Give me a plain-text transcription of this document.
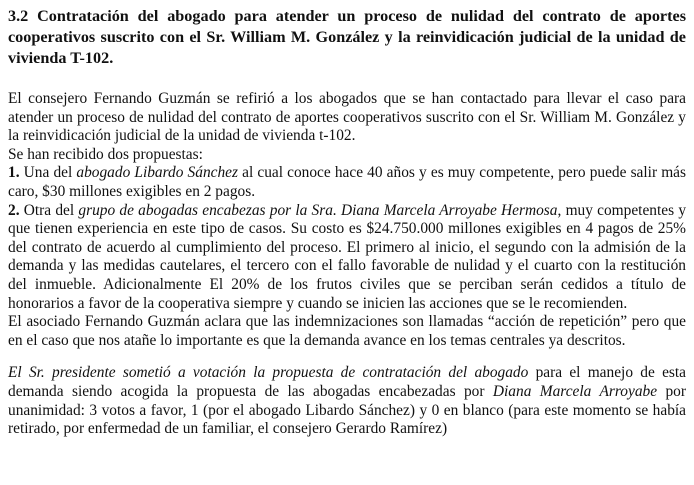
3.2 Contratación del abogado para atender un proceso de nulidad del contrato de aportes cooperativos suscrito con el Sr. William M. González y la reinvidicación judicial de la unidad de vivienda T-102.

El consejero Fernando Guzmán se refirió a los abogados que se han contactado para llevar el caso para atender un proceso de nulidad del contrato de aportes cooperativos suscrito con el Sr. William M. González y la reinvidicación judicial de la unidad de vivienda t-102.

Se han recibido dos propuestas:

1. Una del abogado Libardo Sánchez al cual conoce hace 40 años y es muy competente, pero puede salir más caro, $30 millones exigibles en 2 pagos.

2. Otra del grupo de abogadas encabezas por la Sra. Diana Marcela Arroyabe Hermosa, muy competentes y que tienen experiencia en este tipo de casos. Su costo es $24.750.000 millones exigibles en 4 pagos de 25% del contrato de acuerdo al cumplimiento del proceso. El primero al inicio, el segundo con la admisión de la demanda y las medidas cautelares, el tercero con el fallo favorable de nulidad y el cuarto con la restitución del inmueble. Adicionalmente El 20% de los frutos civiles que se perciban serán cedidos a título de honorarios a favor de la cooperativa siempre y cuando se inicien las acciones que se le recomienden.

El asociado Fernando Guzmán aclara que las indemnizaciones son llamadas “acción de repetición” pero que en el caso que nos atañe lo importante es que la demanda avance en los temas centrales ya descritos.

El Sr. presidente sometió a votación la propuesta de contratación del abogado para el manejo de esta demanda siendo acogida la propuesta de las abogadas encabezadas por Diana Marcela Arroyabe por unanimidad: 3 votos a favor, 1 (por el abogado Libardo Sánchez) y 0 en blanco (para este momento se había retirado, por enfermedad de un familiar, el consejero Gerardo Ramírez)
